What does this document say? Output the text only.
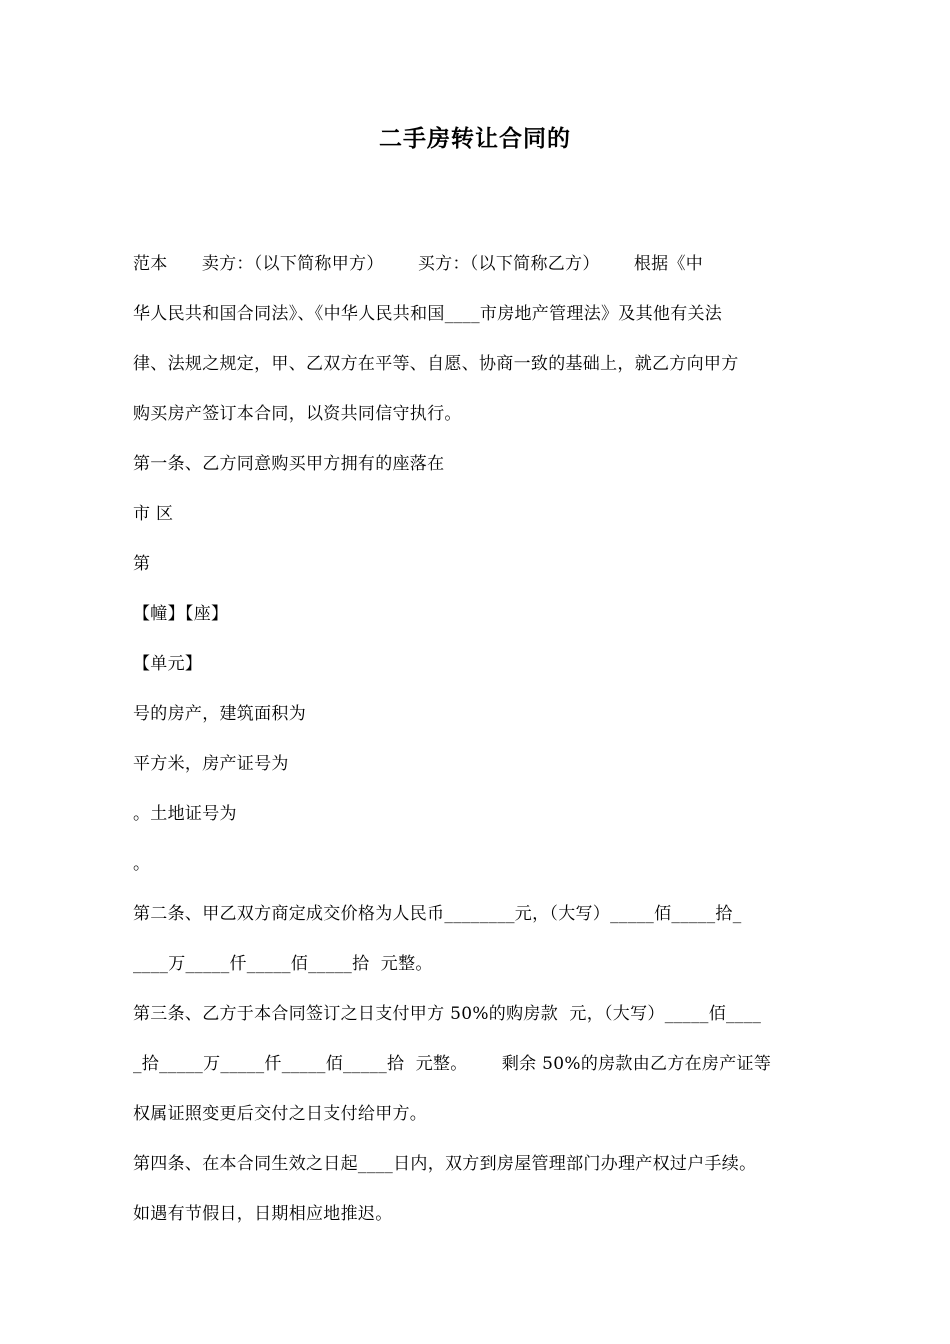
二手房转让合同的
范本      卖方：（以下简称甲方）      买方：（以下简称乙方）      根据《中
华人民共和国合同法》、《中华人民共和国____市房地产管理法》及其他有关法
律、法规之规定，甲、乙双方在平等、自愿、协商一致的基础上，就乙方向甲方
购买房产签订本合同，以资共同信守执行。
第一条、乙方同意购买甲方拥有的座落在
市 区
第
【幢】【座】
【单元】
号的房产，建筑面积为
平方米，房产证号为
。土地证号为
。
第二条、甲乙双方商定成交价格为人民币________元，（大写）_____佰_____拾_
____万_____仟_____佰_____拾  元整。
第三条、乙方于本合同签订之日支付甲方 50%的购房款  元，（大写）_____佰____
_拾_____万_____仟_____佰_____拾  元整。      剩余 50%的房款由乙方在房产证等
权属证照变更后交付之日支付给甲方。
第四条、在本合同生效之日起____日内，双方到房屋管理部门办理产权过户手续。
如遇有节假日，日期相应地推迟。
